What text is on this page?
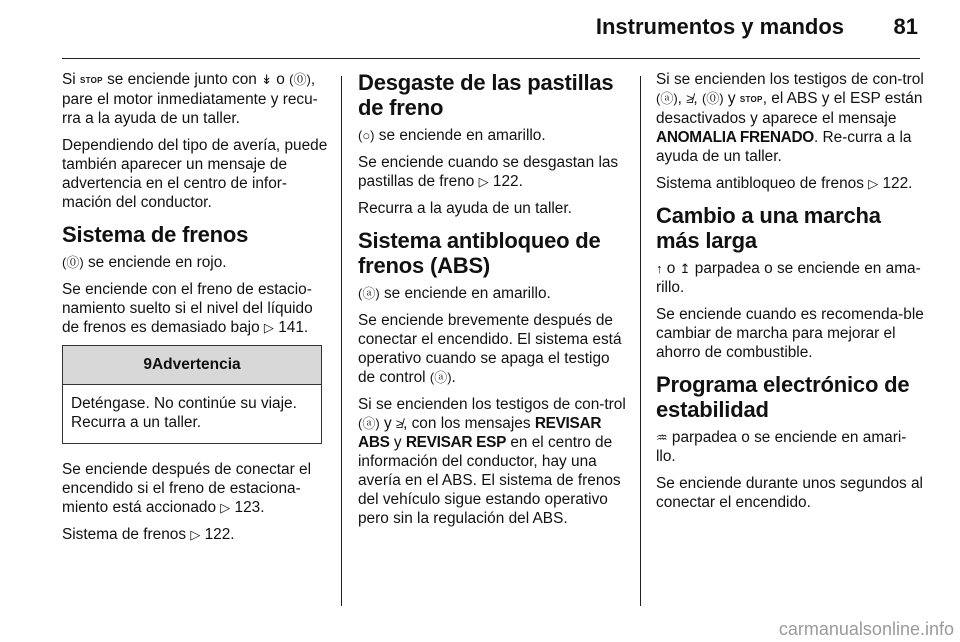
Instrumentos y mandos 81

Si STOP se enciende junto con ↡ o (⓪), pare el motor inmediatamente y recu-rra a la ayuda de un taller.

Dependiendo del tipo de avería, puede también aparecer un mensaje de advertencia en el centro de infor-mación del conductor.

Sistema de frenos

(⓪) se enciende en rojo.

Se enciende con el freno de estacio-namiento suelto si el nivel del líquido de frenos es demasiado bajo ▷ 141.

9Advertencia
Deténgase. No continúe su viaje. Recurra a un taller.

Se enciende después de conectar el encendido si el freno de estaciona-miento está accionado ▷ 123.

Sistema de frenos ▷ 122.

Desgaste de las pastillas de freno

(○) se enciende en amarillo.

Se enciende cuando se desgastan las pastillas de freno ▷ 122.

Recurra a la ayuda de un taller.

Sistema antibloqueo de frenos (ABS)

(ⓐ) se enciende en amarillo.

Se enciende brevemente después de conectar el encendido. El sistema está operativo cuando se apaga el testigo de control (ⓐ).

Si se encienden los testigos de con-trol (ⓐ) y ≱, con los mensajes REVISAR ABS y REVISAR ESP en el centro de información del conductor, hay una avería en el ABS. El sistema de frenos del vehículo sigue estando operativo pero sin la regulación del ABS.

Si se encienden los testigos de con-trol (ⓐ), ≱, (⓪) y STOP, el ABS y el ESP están desactivados y aparece el mensaje ANOMALIA FRENADO. Re-curra a la ayuda de un taller.

Sistema antibloqueo de frenos ▷ 122.

Cambio a una marcha más larga

↑ o ↥ parpadea o se enciende en ama-rillo.

Se enciende cuando es recomenda-ble cambiar de marcha para mejorar el ahorro de combustible.

Programa electrónico de estabilidad

♒ parpadea o se enciende en amari-llo.

Se enciende durante unos segundos al conectar el encendido.

carmanualsonline.info
